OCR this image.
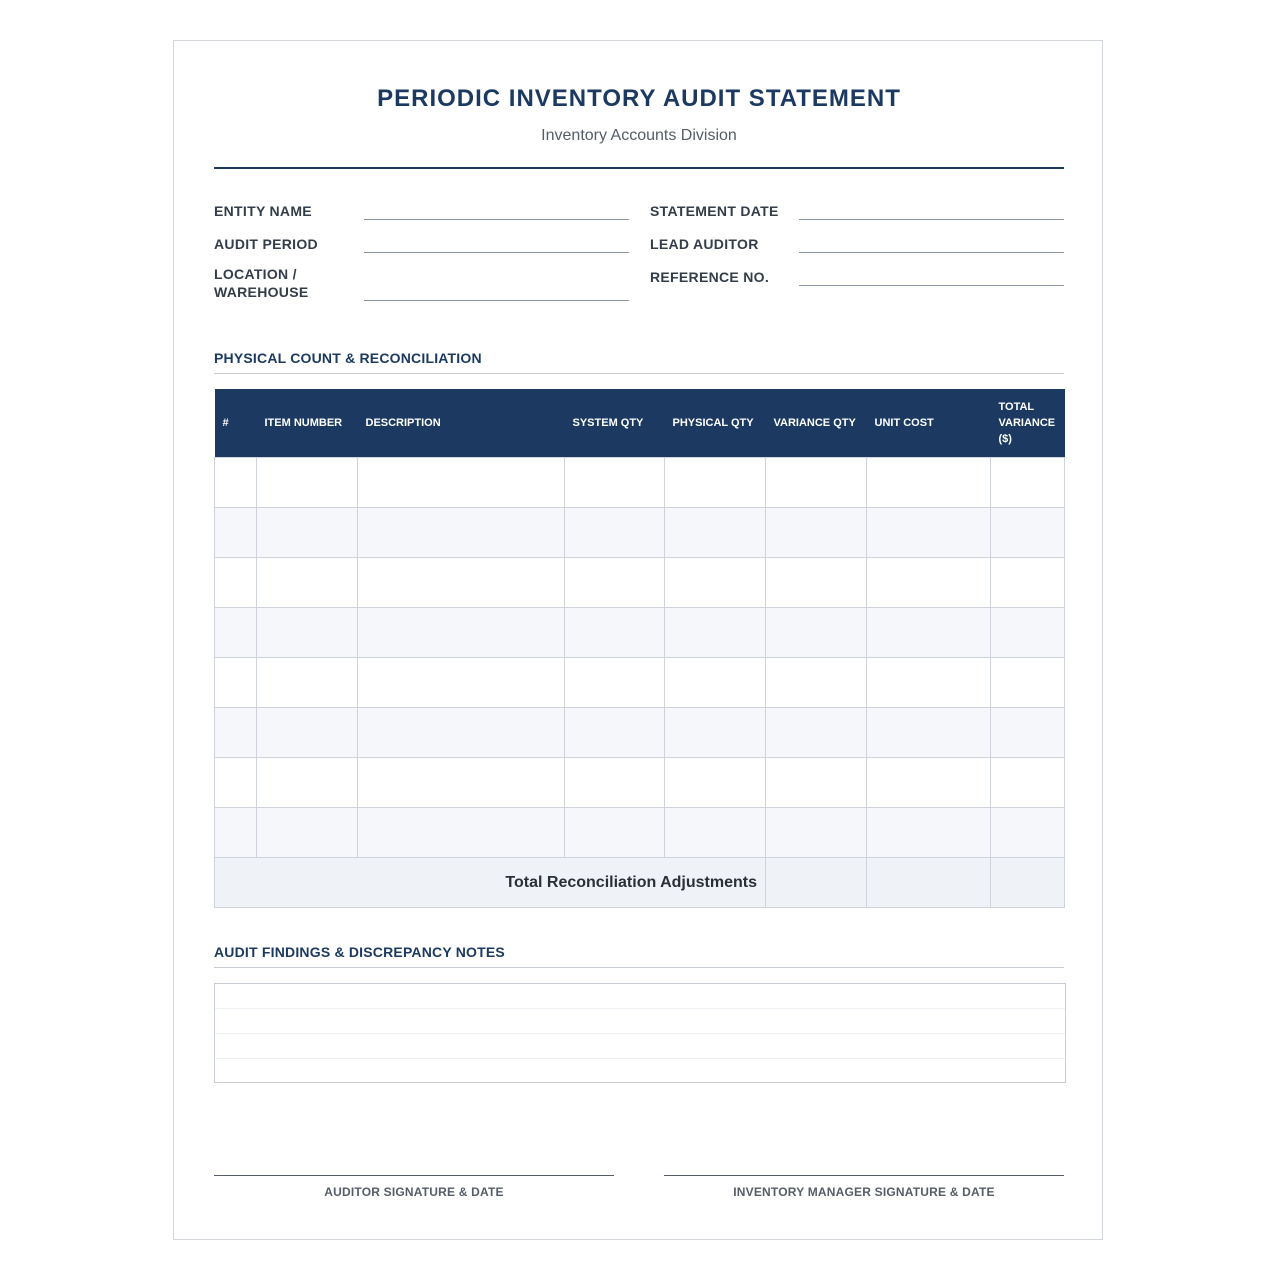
PERIODIC INVENTORY AUDIT STATEMENT
Inventory Accounts Division
ENTITY NAME
AUDIT PERIOD
LOCATION /
WAREHOUSE
STATEMENT DATE
LEAD AUDITOR
REFERENCE NO.
PHYSICAL COUNT & RECONCILIATION
#	ITEM NUMBER	DESCRIPTION	SYSTEM QTY	PHYSICAL QTY	VARIANCE QTY	UNIT COST	TOTAL VARIANCE ($)

Total Reconciliation Adjustments							
AUDIT FINDINGS & DISCREPANCY NOTES
AUDITOR SIGNATURE & DATE	INVENTORY MANAGER SIGNATURE & DATE
